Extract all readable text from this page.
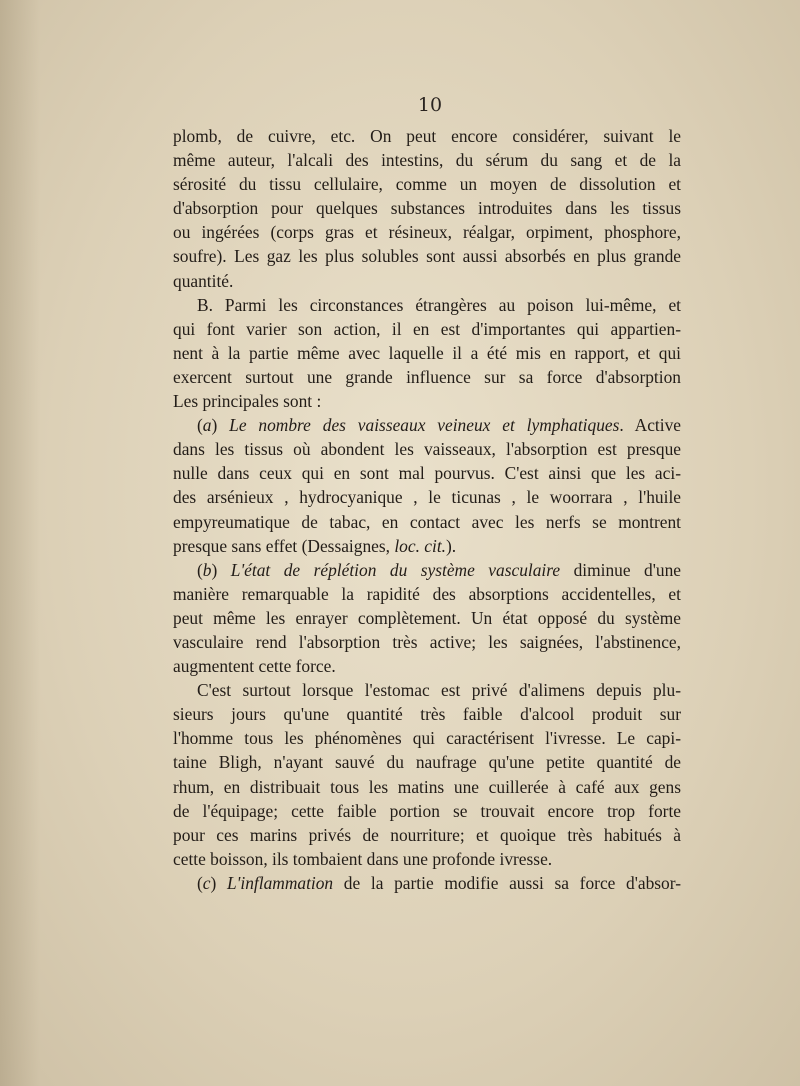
10
plomb, de cuivre, etc. On peut encore considérer, suivant le
même auteur, l'alcali des intestins, du sérum du sang et de la
sérosité du tissu cellulaire, comme un moyen de dissolution et
d'absorption pour quelques substances introduites dans les tissus
ou ingérées (corps gras et résineux, réalgar, orpiment, phosphore,
soufre). Les gaz les plus solubles sont aussi absorbés en plus grande
quantité.
B. Parmi les circonstances étrangères au poison lui-même, et
qui font varier son action, il en est d'importantes qui appartien-
nent à la partie même avec laquelle il a été mis en rapport, et qui
exercent surtout une grande influence sur sa force d'absorption
Les principales sont :
(a) Le nombre des vaisseaux veineux et lymphatiques. Active
dans les tissus où abondent les vaisseaux, l'absorption est presque
nulle dans ceux qui en sont mal pourvus. C'est ainsi que les aci-
des arsénieux , hydrocyanique , le ticunas , le woorrara , l'huile
empyreumatique de tabac, en contact avec les nerfs se montrent
presque sans effet (Dessaignes, loc. cit.).
(b) L'état de réplétion du système vasculaire diminue d'une
manière remarquable la rapidité des absorptions accidentelles, et
peut même les enrayer complètement. Un état opposé du système
vasculaire rend l'absorption très active; les saignées, l'abstinence,
augmentent cette force.
C'est surtout lorsque l'estomac est privé d'alimens depuis plu-
sieurs jours qu'une quantité très faible d'alcool produit sur
l'homme tous les phénomènes qui caractérisent l'ivresse. Le capi-
taine Bligh, n'ayant sauvé du naufrage qu'une petite quantité de
rhum, en distribuait tous les matins une cuillerée à café aux gens
de l'équipage; cette faible portion se trouvait encore trop forte
pour ces marins privés de nourriture; et quoique très habitués à
cette boisson, ils tombaient dans une profonde ivresse.
(c) L'inflammation de la partie modifie aussi sa force d'absor-
